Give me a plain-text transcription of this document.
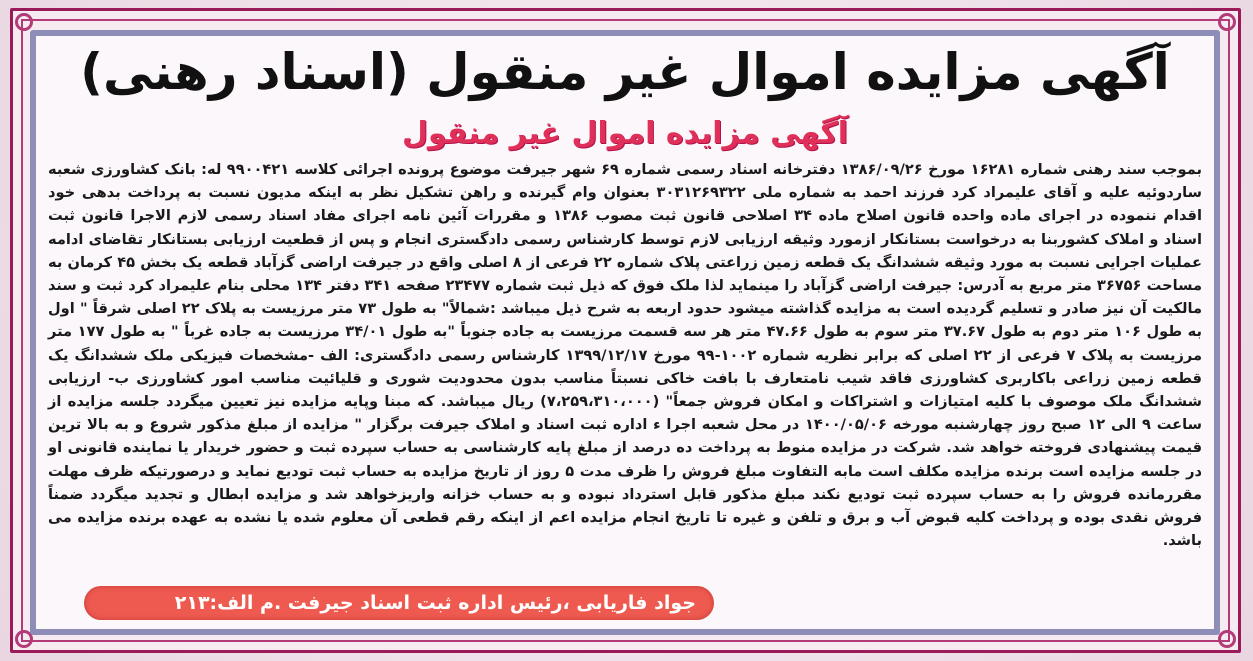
آگهی مزایده اموال غیر منقول (اسناد رهنی)
آگهی مزایده اموال غیر منقول
بموجب سند رهنی شماره ۱۶۲۸۱ مورخ ۱۳۸۶/۰۹/۲۶ دفترخانه اسناد رسمی شماره ۶۹ شهر جیرفت موضوع پرونده اجرائی کلاسه ۹۹۰۰۴۲۱ له: بانک کشاورزی شعبه ساردوئیه علیه و آقای علیمراد کرد فرزند احمد به شماره ملی ۳۰۳۱۲۶۹۳۲۲ بعنوان وام گیرنده و راهن تشکیل نظر به اینکه مدیون نسبت به پرداخت بدهی خود اقدام ننموده در اجرای ماده واحده قانون اصلاح ماده ۳۴ اصلاحی قانون ثبت مصوب ۱۳۸۶ و مقررات آئین نامه اجرای مفاد اسناد رسمی لازم الاجرا قانون ثبت اسناد و املاک کشوربنا به درخواست بستانکار ازمورد وثیقه ارزیابی لازم توسط کارشناس رسمی دادگستری انجام و پس از قطعیت ارزیابی بستانکار تقاضای ادامه عملیات اجرایی نسبت به مورد وثیقه ششدانگ یک قطعه زمین زراعتی پلاک شماره ۲۲ فرعی از ۸ اصلی واقع در جیرفت اراضی گزآباد قطعه یک بخش ۴۵ کرمان به مساحت ۳۶۷۵۶ متر مربع به آدرس: جیرفت اراضی گزآباد را مینماید لذا ملک فوق که ذیل ثبت شماره ۲۳۴۷۷ صفحه ۳۴۱ دفتر ۱۳۴ محلی بنام علیمراد کرد ثبت و سند مالکیت آن نیز صادر و تسلیم گردیده است به مزایده گذاشته میشود حدود اربعه به شرح ذیل میباشد :شمالاً" به طول ۷۳ متر مرزیست به پلاک ۲۲ اصلی شرقاً " اول به طول ۱۰۶ متر دوم به طول ۳۷.۶۷ متر سوم به طول ۴۷.۶۶ متر هر سه قسمت مرزیست به جاده جنوباً "به طول ۳۴/۰۱ مرزیست به جاده غرباً " به طول ۱۷۷ متر مرزیست به پلاک ۷ فرعی از ۲۲ اصلی که برابر نظریه شماره ۱۰۰۲-۹۹ مورخ ۱۳۹۹/۱۲/۱۷ کارشناس رسمی دادگستری: الف -مشخصات فیزیکی ملک ششدانگ یک قطعه زمین زراعی باکاربری کشاورزی فاقد شیب نامتعارف با بافت خاکی نسبتاً مناسب بدون محدودیت شوری و قلیائیت مناسب امور کشاورزی ب- ارزیابی ششدانگ ملک موصوف با کلیه امتیازات و اشتراکات و امکان فروش جمعاً" (۷،۲۵۹،۳۱۰،۰۰۰) ریال میباشد. که مبنا وپایه مزایده نیز تعیین میگردد جلسه مزایده از ساعت ۹ الی ۱۲ صبح روز چهارشنبه مورخه ۱۴۰۰/۰۵/۰۶ در محل شعبه اجرا ء اداره ثبت اسناد و املاک جیرفت برگزار " مزایده از مبلغ مذکور شروع و به بالا ترین قیمت پیشنهادی فروخته خواهد شد. شرکت در مزایده منوط به پرداخت ده درصد از مبلغ پایه کارشناسی به حساب سپرده ثبت و حضور خریدار یا نماینده قانونی او در جلسه مزایده است برنده مزایده مکلف است مابه التفاوت مبلغ فروش را ظرف مدت ۵ روز از تاریخ مزایده به حساب ثبت تودیع نماید و درصورتیکه ظرف مهلت مقررمانده فروش را به حساب سپرده ثبت تودیع نکند مبلغ مذکور قابل استرداد نبوده و به حساب خزانه واریزخواهد شد و مزایده ابطال و تجدید میگردد ضمناً فروش نقدی بوده و پرداخت کلیه قبوض آب و برق و تلفن و غیره تا تاریخ انجام مزایده اعم از اینکه رقم قطعی آن معلوم شده یا نشده به عهده برنده مزایده می باشد.
جواد فاریابی ،رئیس اداره ثبت اسناد جیرفت .م الف:۲۱۳
